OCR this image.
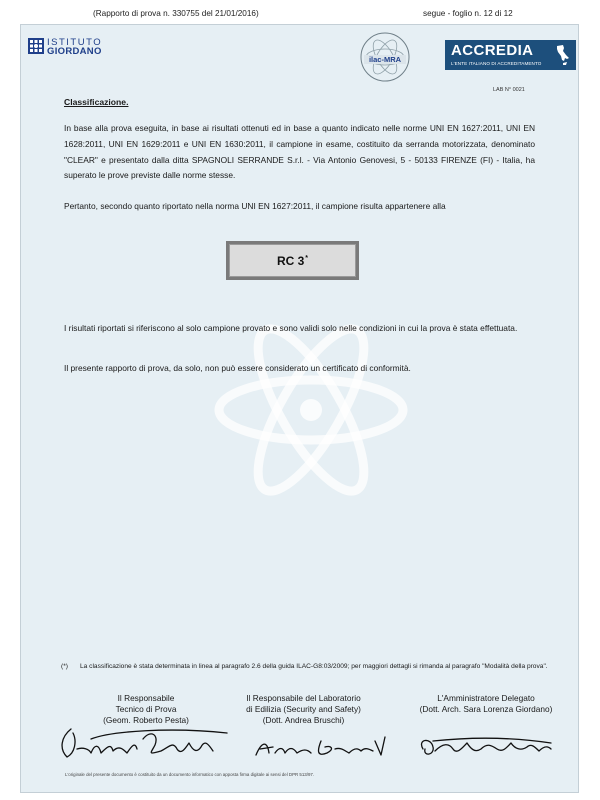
(Rapporto di prova n. 330755 del 21/01/2016)	segue - foglio n. 12 di 12
ISTITUTO
GIORDANO
ilac-MRA
ACCREDIA
L'ENTE ITALIANO DI ACCREDITAMENTO
LAB N° 0021
Classificazione.
In base alla prova eseguita, in base ai risultati ottenuti ed in base a quanto indicato nelle norme UNI EN 1627:2011, UNI EN 1628:2011, UNI EN 1629:2011 e UNI EN 1630:2011, il campione in esame, costituito da serranda motorizzata, denominato "CLEAR" e presentato dalla ditta SPAGNOLI SERRANDE S.r.l. - Via Antonio Genovesi, 5 - 50133 FIRENZE (FI) - Italia, ha superato le prove previste dalle norme stesse.
Pertanto, secondo quanto riportato nella norma UNI EN 1627:2011, il campione risulta appartenere alla
RC 3*
I risultati riportati si riferiscono al solo campione provato e sono validi solo nelle condizioni in cui la prova è stata effettuata.
Il presente rapporto di prova, da solo, non può essere considerato un certificato di conformità.
(*) La classificazione è stata determinata in linea al paragrafo 2.6 della guida ILAC-G8:03/2009; per maggiori dettagli si rimanda al paragrafo "Modalità della prova".
Il Responsabile
Tecnico di Prova
(Geom. Roberto Pesta)
Il Responsabile del Laboratorio
di Edilizia (Security and Safety)
(Dott. Andrea Bruschi)
L'Amministratore Delegato
(Dott. Arch. Sara Lorenza Giordano)
L'originale del presente documento è costituito da un documento informatico con apposta firma digitale ai sensi del DPR 513/97.
